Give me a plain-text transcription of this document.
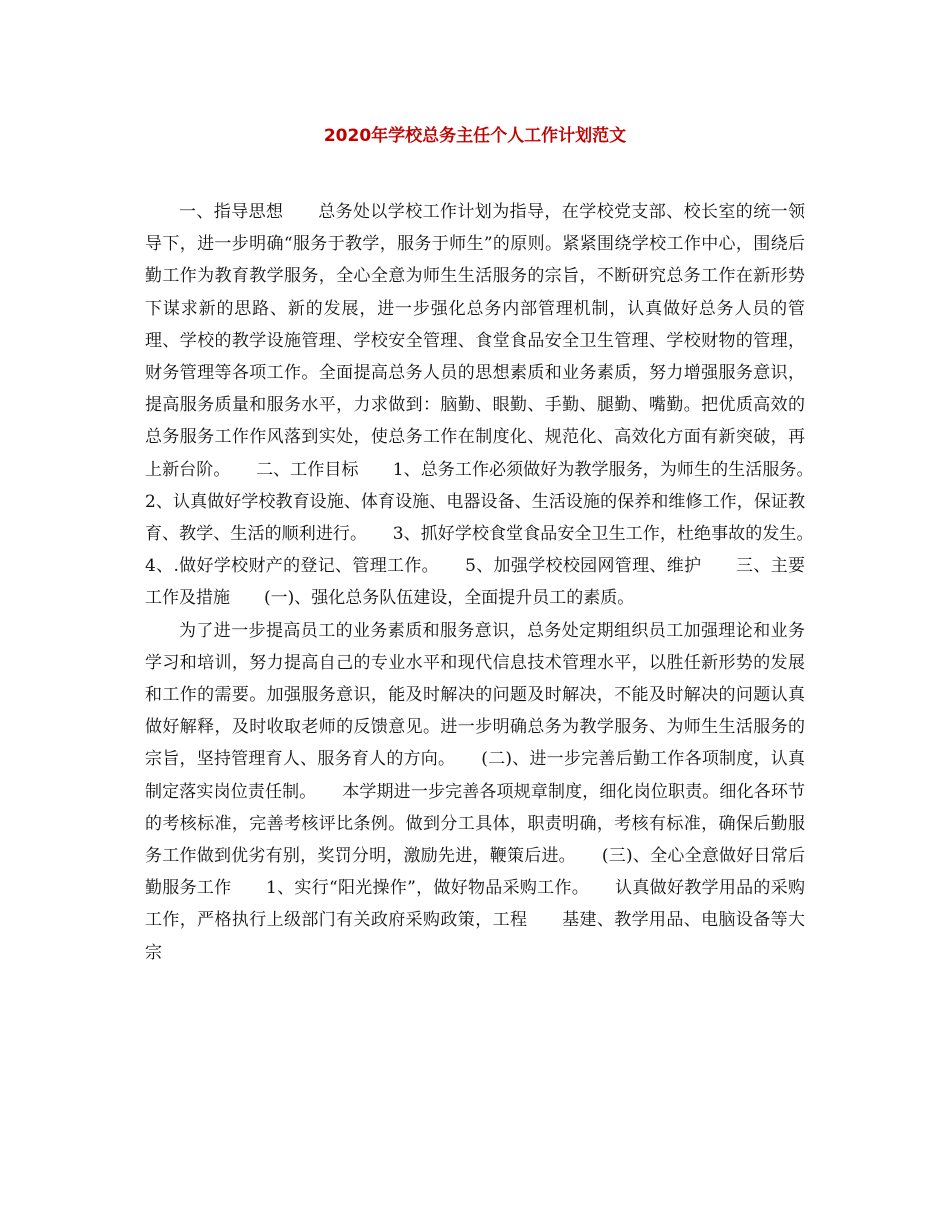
2020年学校总务主任个人工作计划范文

一、指导思想　　总务处以学校工作计划为指导，在学校党支部、校长室的统一领导下，进一步明确“服务于教学，服务于师生”的原则。紧紧围绕学校工作中心，围绕后勤工作为教育教学服务，全心全意为师生生活服务的宗旨，不断研究总务工作在新形势下谋求新的思路、新的发展，进一步强化总务内部管理机制，认真做好总务人员的管理、学校的教学设施管理、学校安全管理、食堂食品安全卫生管理、学校财物的管理，财务管理等各项工作。全面提高总务人员的思想素质和业务素质，努力增强服务意识，提高服务质量和服务水平，力求做到：脑勤、眼勤、手勤、腿勤、嘴勤。把优质高效的总务服务工作作风落到实处，使总务工作在制度化、规范化、高效化方面有新突破，再上新台阶。　　二、工作目标　　1、总务工作必须做好为教学服务，为师生的生活服务。　　2、认真做好学校教育设施、体育设施、电器设备、生活设施的保养和维修工作，保证教育、教学、生活的顺利进行。　　3、抓好学校食堂食品安全卫生工作，杜绝事故的发生。　　4、.做好学校财产的登记、管理工作。　　5、加强学校校园网管理、维护　　三、主要工作及措施　　(一)、强化总务队伍建设，全面提升员工的素质。

为了进一步提高员工的业务素质和服务意识，总务处定期组织员工加强理论和业务学习和培训，努力提高自己的专业水平和现代信息技术管理水平，以胜任新形势的发展和工作的需要。加强服务意识，能及时解决的问题及时解决，不能及时解决的问题认真做好解释，及时收取老师的反馈意见。进一步明确总务为教学服务、为师生生活服务的宗旨，坚持管理育人、服务育人的方向。　　(二)、进一步完善后勤工作各项制度，认真制定落实岗位责任制。　　本学期进一步完善各项规章制度，细化岗位职责。细化各环节的考核标准，完善考核评比条例。做到分工具体，职责明确，考核有标准，确保后勤服务工作做到优劣有别，奖罚分明，激励先进，鞭策后进。　　(三)、全心全意做好日常后勤服务工作　　1、实行“阳光操作”，做好物品采购工作。　　认真做好教学用品的采购工作，严格执行上级部门有关政府采购政策，工程　　基建、教学用品、电脑设备等大宗
